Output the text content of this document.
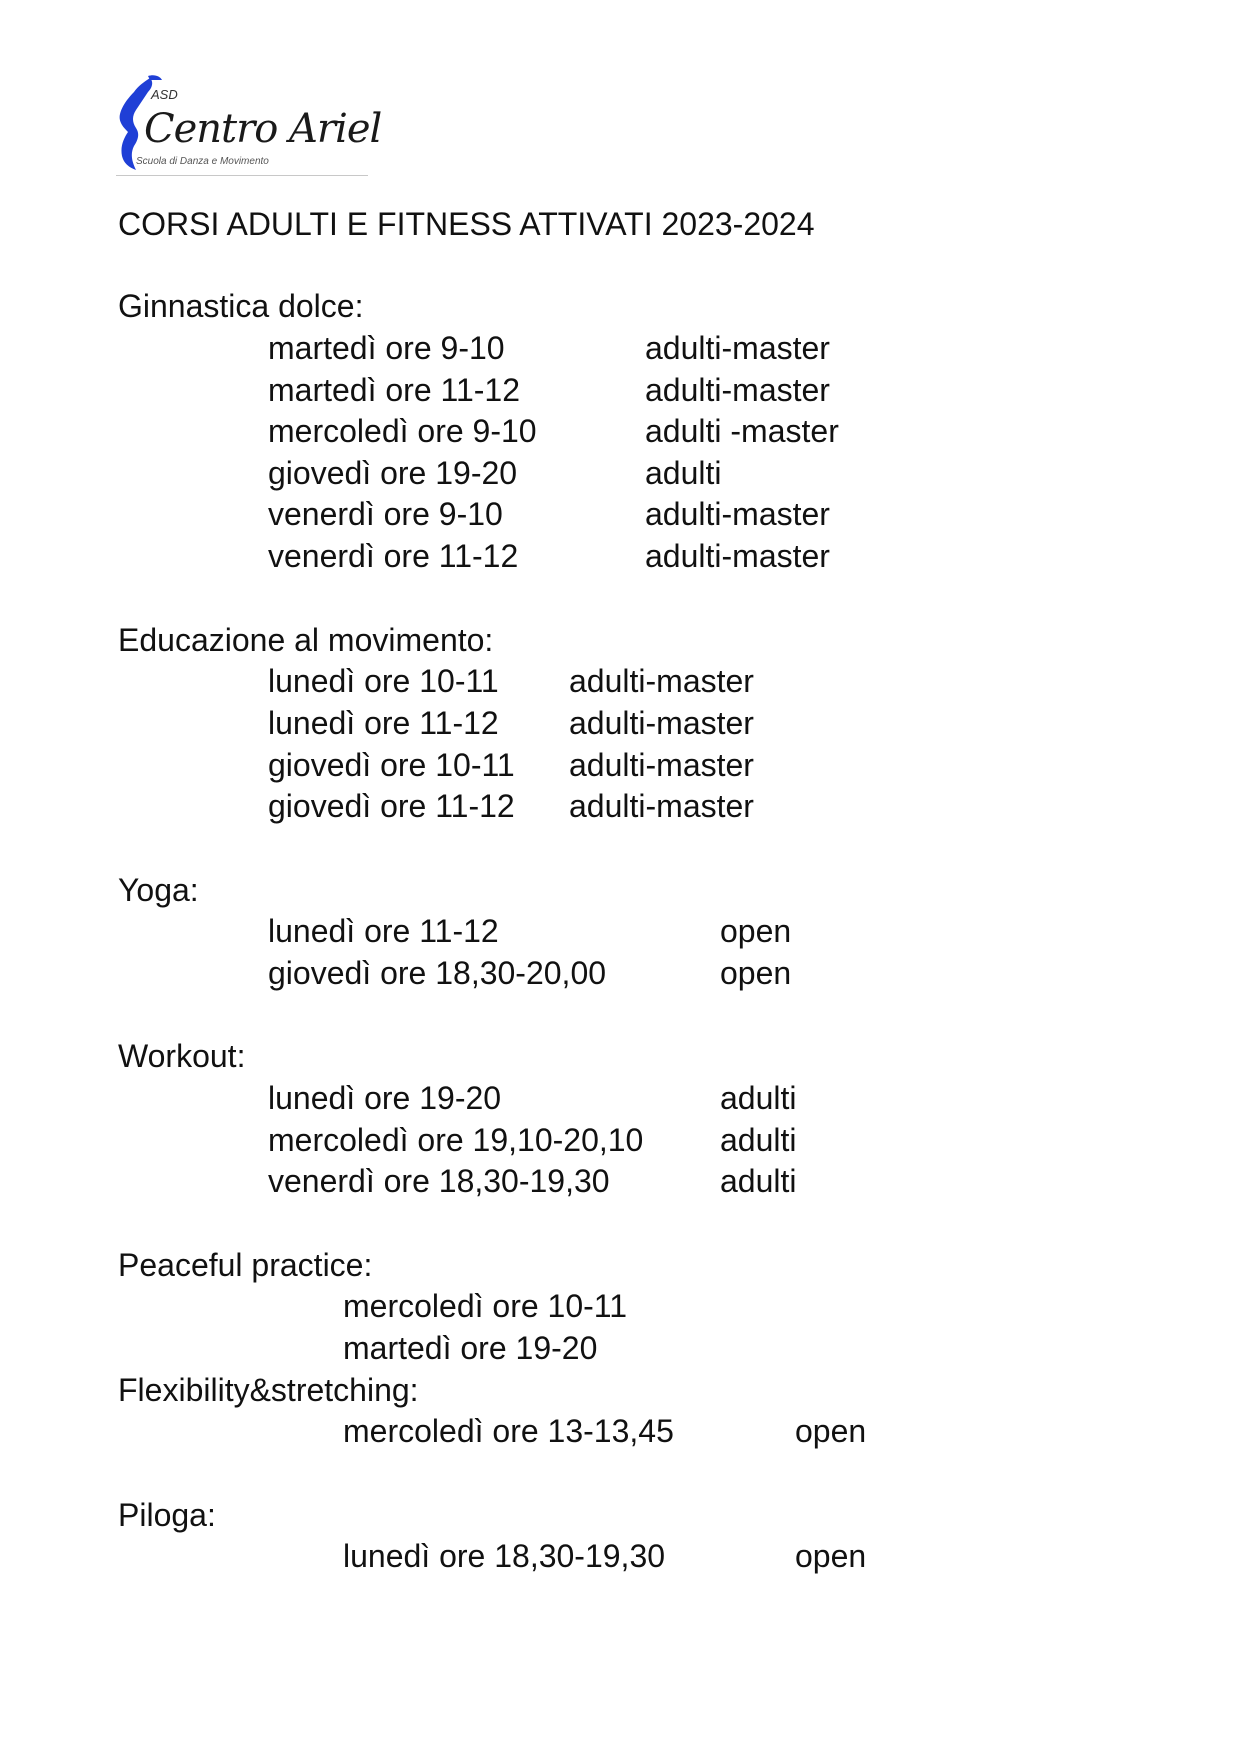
ASD
Centro Ariel
Scuola di Danza e Movimento
CORSI ADULTI E FITNESS ATTIVATI 2023-2024
Ginnastica dolce:
martedì ore 9-10	adulti-master
martedì ore 11-12	adulti-master
mercoledì ore 9-10	adulti -master
giovedì ore 19-20	adulti
venerdì ore 9-10	adulti-master
venerdì ore 11-12	adulti-master
Educazione al movimento:
lunedì ore 10-11 adulti-master
lunedì ore 11-12 adulti-master
giovedì ore 10-11 adulti-master
giovedì ore 11-12 adulti-master
Yoga:
lunedì ore 11-12	open
giovedì ore 18,30-20,00	open
Workout:
lunedì ore 19-20	adulti
mercoledì ore 19,10-20,10 adulti
venerdì ore 18,30-19,30	adulti
Peaceful practice:
mercoledì ore 10-11
martedì ore 19-20
Flexibility&stretching:
mercoledì ore 13-13,45	open
Piloga:
lunedì ore 18,30-19,30	open
